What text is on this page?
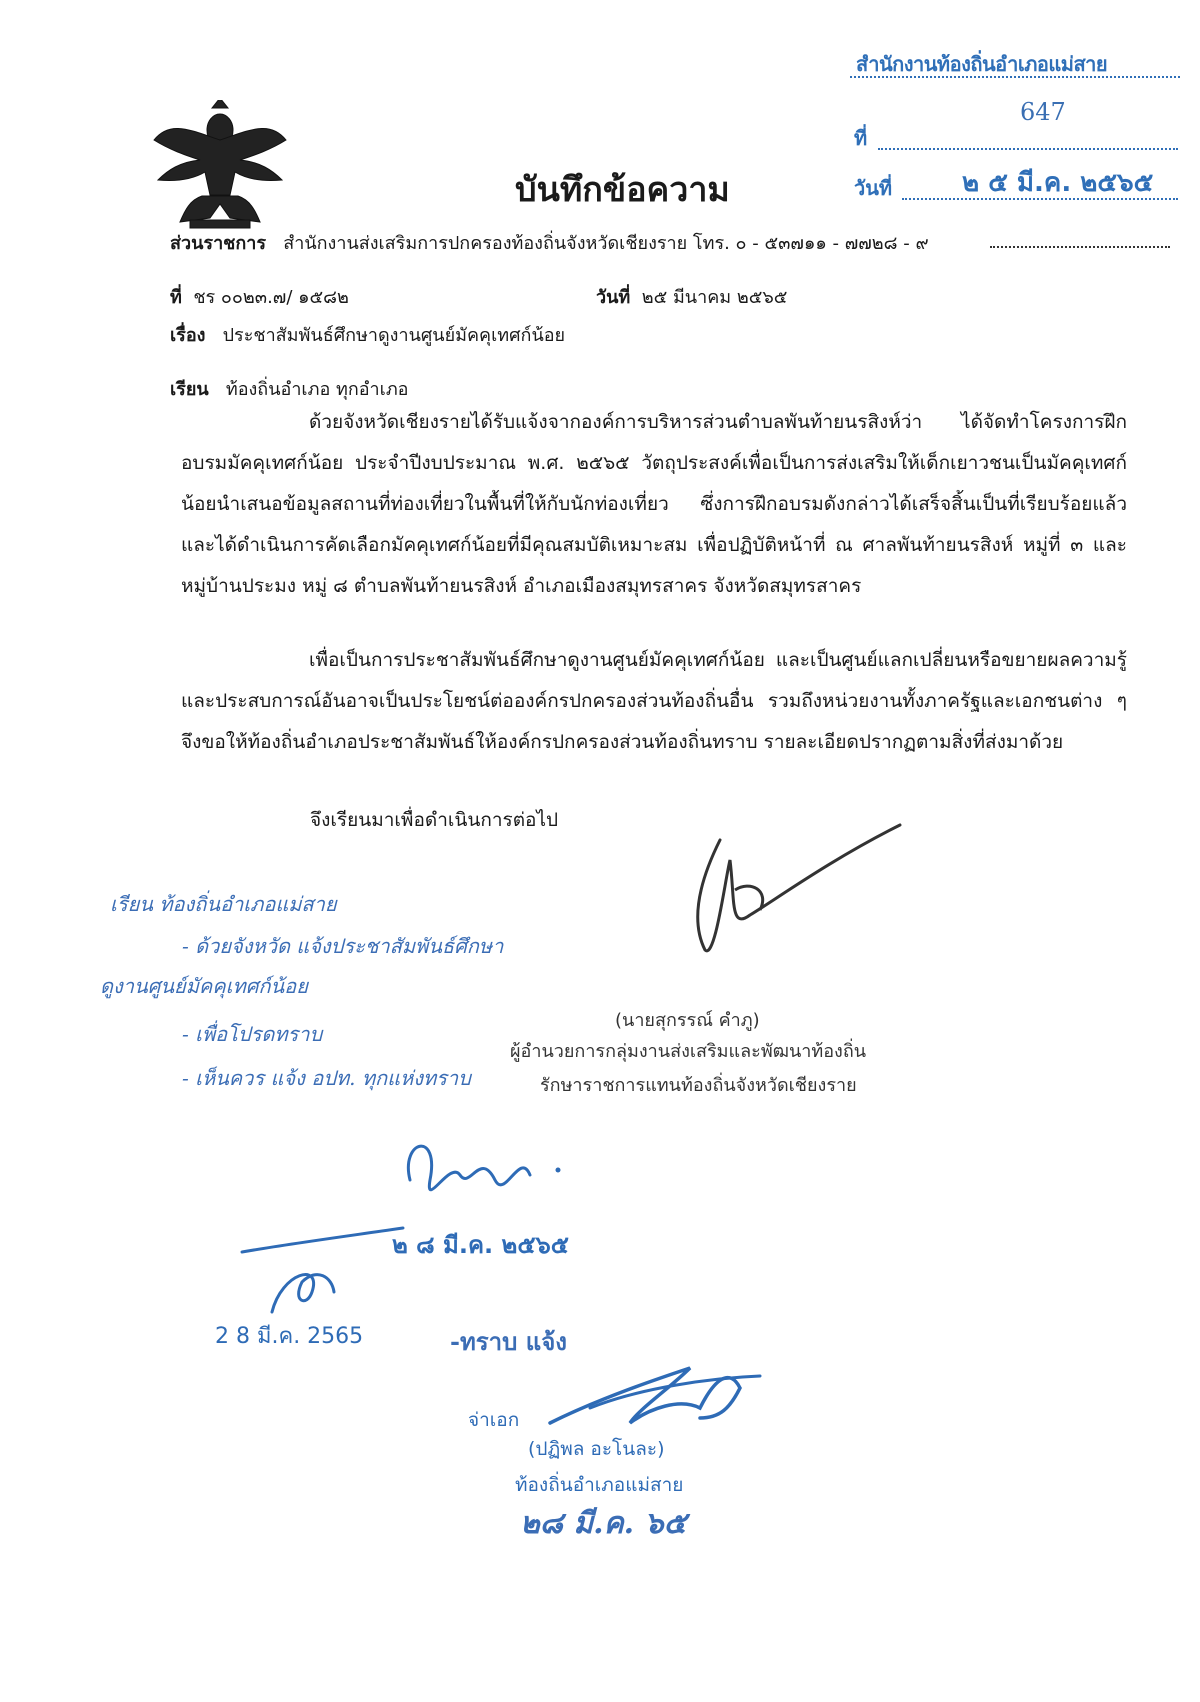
สำนักงานท้องถิ่นอำเภอแม่สาย
ที่
647
วันที่	๒ ๕ มี.ค. ๒๕๖๕
บันทึกข้อความ
ส่วนราชการ สำนักงานส่งเสริมการปกครองท้องถิ่นจังหวัดเชียงราย โทร. ๐ - ๕๓๗๑๑ - ๗๗๒๘ - ๙
ที่ ชร ๐๐๒๓.๗/ ๑๕๘๒	วันที่ ๒๕ มีนาคม ๒๕๖๕
เรื่อง ประชาสัมพันธ์ศึกษาดูงานศูนย์มัคคุเทศก์น้อย
เรียน ท้องถิ่นอำเภอ ทุกอำเภอ
ด้วยจังหวัดเชียงรายได้รับแจ้งจากองค์การบริหารส่วนตำบลพันท้ายนรสิงห์ว่า ได้จัดทำโครงการฝึกอบรมมัคคุเทศก์น้อย ประจำปีงบประมาณ พ.ศ. ๒๕๖๕ วัตถุประสงค์เพื่อเป็นการส่งเสริมให้เด็กเยาวชนเป็นมัคคุเทศก์น้อยนำเสนอข้อมูลสถานที่ท่องเที่ยวในพื้นที่ให้กับนักท่องเที่ยว ซึ่งการฝึกอบรมดังกล่าวได้เสร็จสิ้นเป็นที่เรียบร้อยแล้วและได้ดำเนินการคัดเลือกมัคคุเทศก์น้อยที่มีคุณสมบัติเหมาะสม เพื่อปฏิบัติหน้าที่ ณ ศาลพันท้ายนรสิงห์ หมู่ที่ ๓ และหมู่บ้านประมง หมู่ ๘ ตำบลพันท้ายนรสิงห์ อำเภอเมืองสมุทรสาคร จังหวัดสมุทรสาคร
เพื่อเป็นการประชาสัมพันธ์ศึกษาดูงานศูนย์มัคคุเทศก์น้อย และเป็นศูนย์แลกเปลี่ยนหรือขยายผลความรู้และประสบการณ์อันอาจเป็นประโยชน์ต่อองค์กรปกครองส่วนท้องถิ่นอื่น รวมถึงหน่วยงานทั้งภาครัฐและเอกชนต่าง ๆ จึงขอให้ท้องถิ่นอำเภอประชาสัมพันธ์ให้องค์กรปกครองส่วนท้องถิ่นทราบ รายละเอียดปรากฏตามสิ่งที่ส่งมาด้วย
จึงเรียนมาเพื่อดำเนินการต่อไป
(นายสุกรรณ์ คำภู)
ผู้อำนวยการกลุ่มงานส่งเสริมและพัฒนาท้องถิ่น
รักษาราชการแทนท้องถิ่นจังหวัดเชียงราย
เรียน ท้องถิ่นอำเภอแม่สาย
- ด้วยจังหวัด แจ้งประชาสัมพันธ์ศึกษา
ดูงานศูนย์มัคคุเทศก์น้อย
- เพื่อโปรดทราบ
- เห็นควร แจ้ง อปท. ทุกแห่งทราบ
๒ ๘ มี.ค. ๒๕๖๕
2 8 มี.ค. 2565	-ทราบ แจ้ง
จ่าเอก
(ปฏิพล อะโนละ)
ท้องถิ่นอำเภอแม่สาย
๒๘ มี.ค. ๖๕
